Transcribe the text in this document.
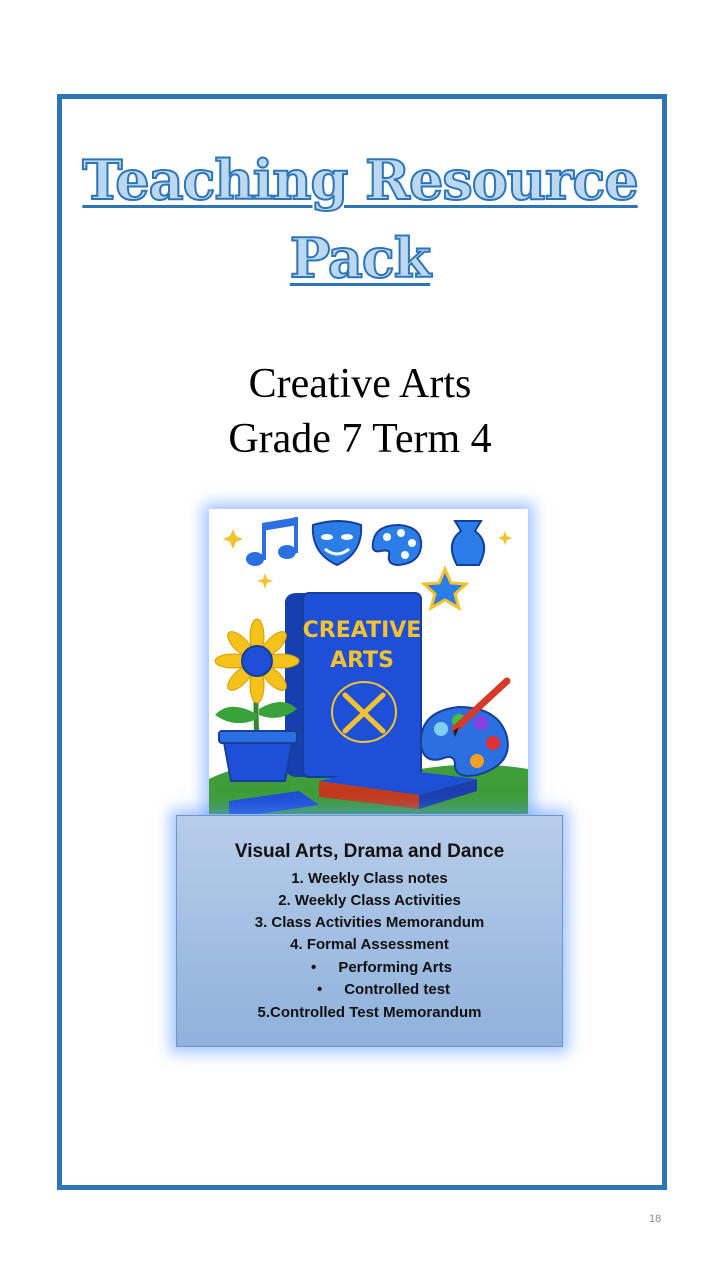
Teaching Resource
Pack
Creative Arts
Grade 7 Term 4
CREATIVE
ARTS
Visual Arts, Drama and Dance
1. Weekly Class notes
2. Weekly Class Activities
3. Class Activities Memorandum
4. Formal Assessment
• Performing Arts
• Controlled test
5.Controlled Test Memorandum
18
